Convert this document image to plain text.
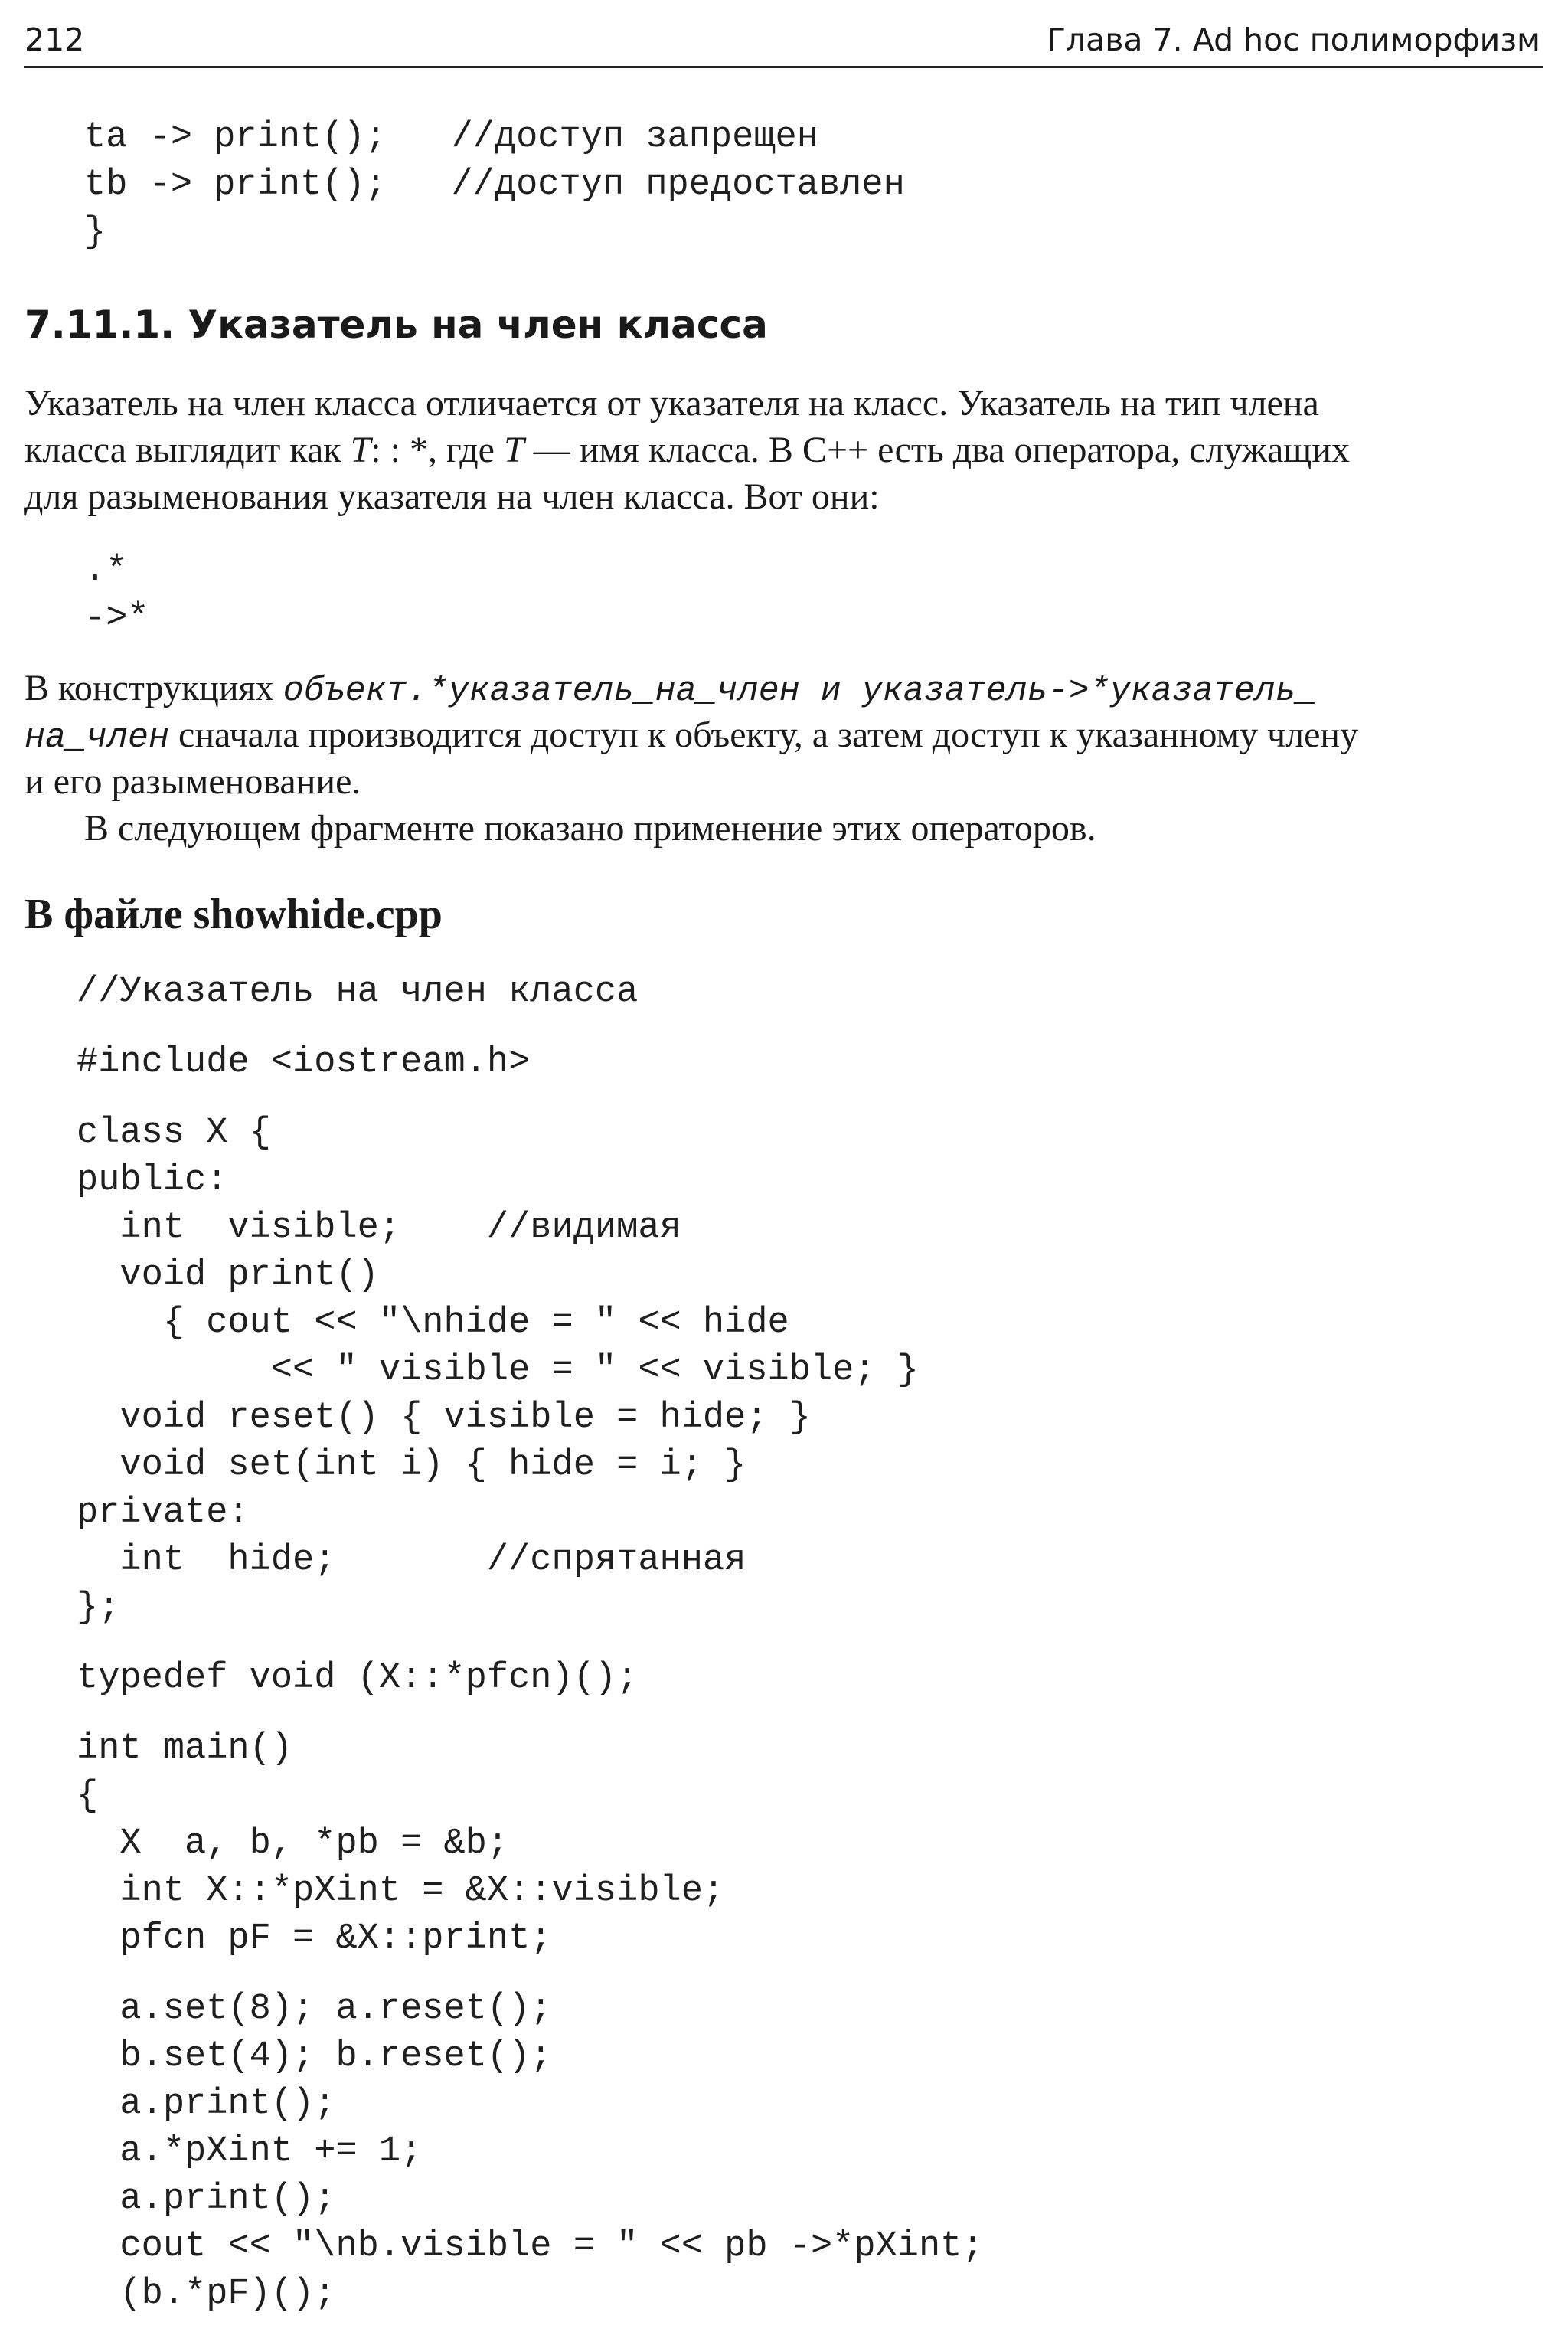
212	Глава 7. Ad hoc полиморфизм
ta -> print();   //доступ запрещен
tb -> print();   //доступ предоставлен
}
7.11.1. Указатель на член класса

Указатель на член класса отличается от указателя на класс. Указатель на тип члена

класса выглядит как T: : *, где T — имя класса. В C++ есть два оператора, служащих

для разыменования указателя на член класса. Вот они:

.*
->*

В конструкциях объект.*указатель_на_член и указатель->*указатель_

на_член сначала производится доступ к объекту, а затем доступ к указанному члену

и его разыменование.

В следующем фрагменте показано применение этих операторов.

В файле showhide.cpp
//Указатель на член класса
#include <iostream.h>
class X {
public:
int  visible;    //видимая
void print()
{ cout << "\nhide = " << hide
<< " visible = " << visible; }
void reset() { visible = hide; }
void set(int i) { hide = i; }
private:
int  hide;       //спрятанная
};
typedef void (X::*pfcn)();
int main()
{
X  a, b, *pb = &b;
int X::*pXint = &X::visible;
pfcn pF = &X::print;
a.set(8); a.reset();
b.set(4); b.reset();
a.print();
a.*pXint += 1;
a.print();
cout << "\nb.visible = " << pb ->*pXint;
(b.*pF)();
